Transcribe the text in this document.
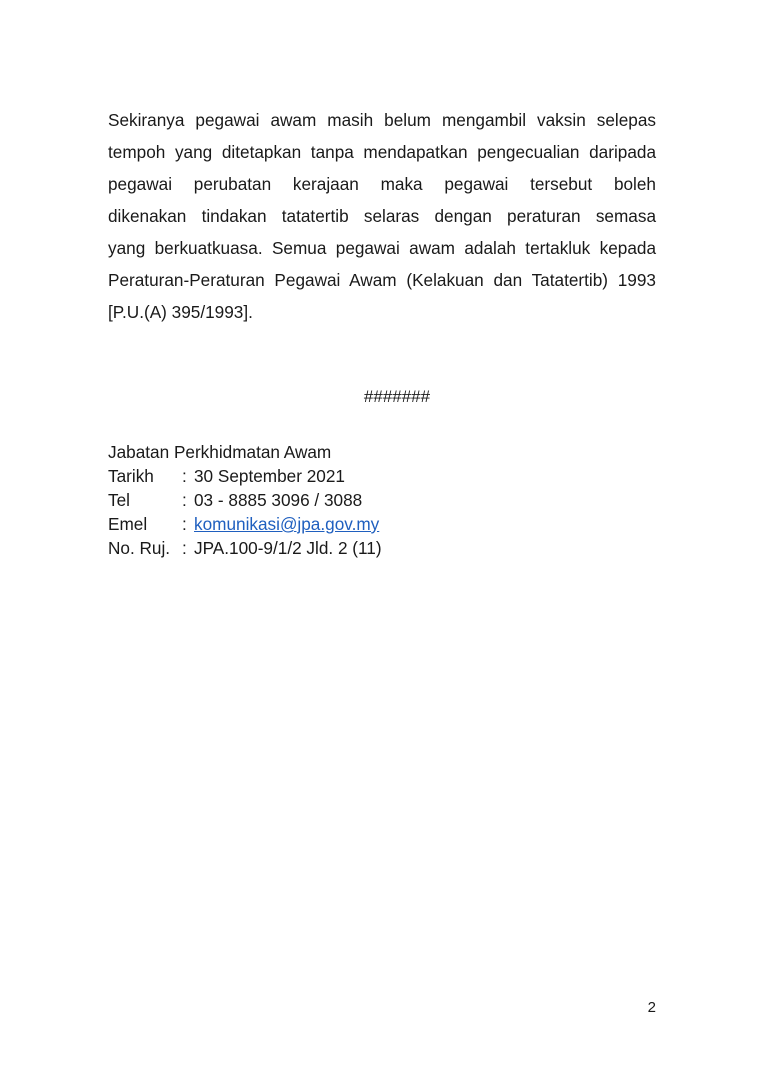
Sekiranya pegawai awam masih belum mengambil vaksin selepas
tempoh yang ditetapkan tanpa mendapatkan pengecualian daripada
pegawai perubatan kerajaan maka pegawai tersebut boleh
dikenakan tindakan tatatertib selaras dengan peraturan semasa
yang berkuatkuasa. Semua pegawai awam adalah tertakluk kepada
Peraturan-Peraturan Pegawai Awam (Kelakuan dan Tatatertib) 1993
[P.U.(A) 395/1993].

#######
Jabatan Perkhidmatan Awam
Tarikh	: 30 September 2021
Tel	: 03 - 8885 3096 / 3088
Emel	: komunikasi@jpa.gov.my
No. Ruj. : JPA.100-9/1/2 Jld. 2 (11)
2
